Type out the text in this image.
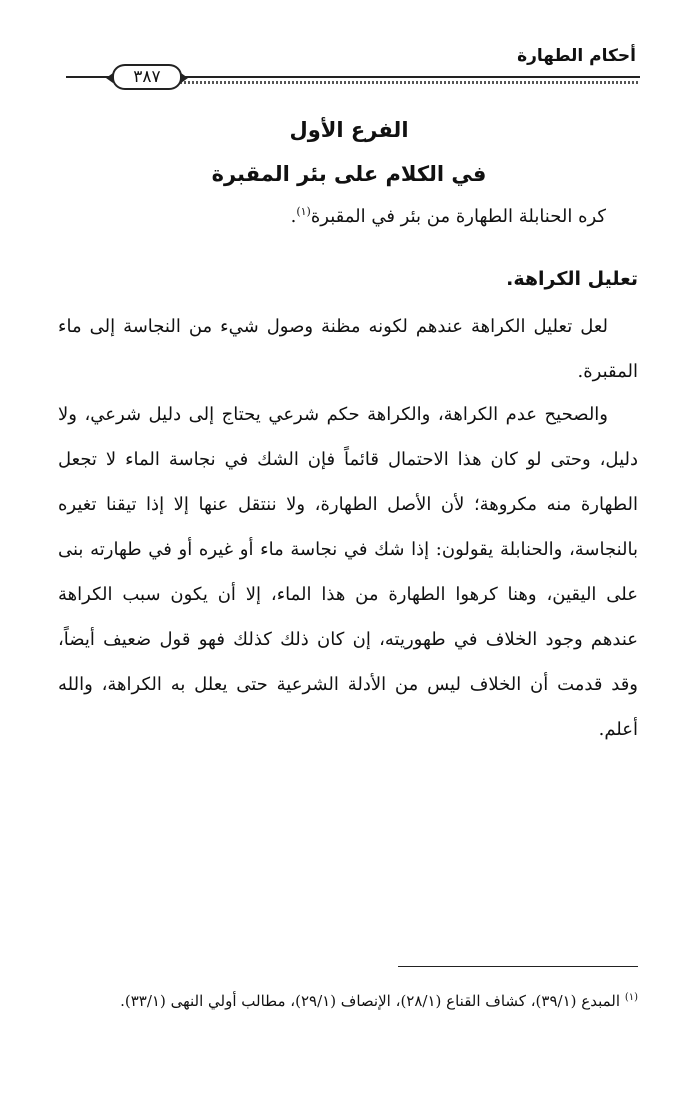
أحكام الطهارة
٣٨٧
الفرع الأول
في الكلام على بئر المقبرة
كره الحنابلة الطهارة من بئر في المقبرة$^{(١)}$.
تعليل الكراهة.
لعل تعليل الكراهة عندهم لكونه مظنة وصول شيء من النجاسة إلى ماء المقبرة.
والصحيح عدم الكراهة، والكراهة حكم شرعي يحتاج إلى دليل شرعي، ولا دليل، وحتى لو كان هذا الاحتمال قائماً فإن الشك في نجاسة الماء لا تجعل الطهارة منه مكروهة؛ لأن الأصل الطهارة، ولا ننتقل عنها إلا إذا تيقنا تغيره بالنجاسة، والحنابلة يقولون: إذا شك في نجاسة ماء أو غيره أو في طهارته بنى على اليقين، وهنا كرهوا الطهارة من هذا الماء، إلا أن يكون سبب الكراهة عندهم وجود الخلاف في طهوريته، إن كان ذلك كذلك فهو قول ضعيف أيضاً، وقد قدمت أن الخلاف ليس من الأدلة الشرعية حتى يعلل به الكراهة، والله أعلم.
$^{(١)}$ المبدع (٣٩/١)، كشاف القناع (٢٨/١)، الإنصاف (٢٩/١)، مطالب أولي النهى (٣٣/١).
